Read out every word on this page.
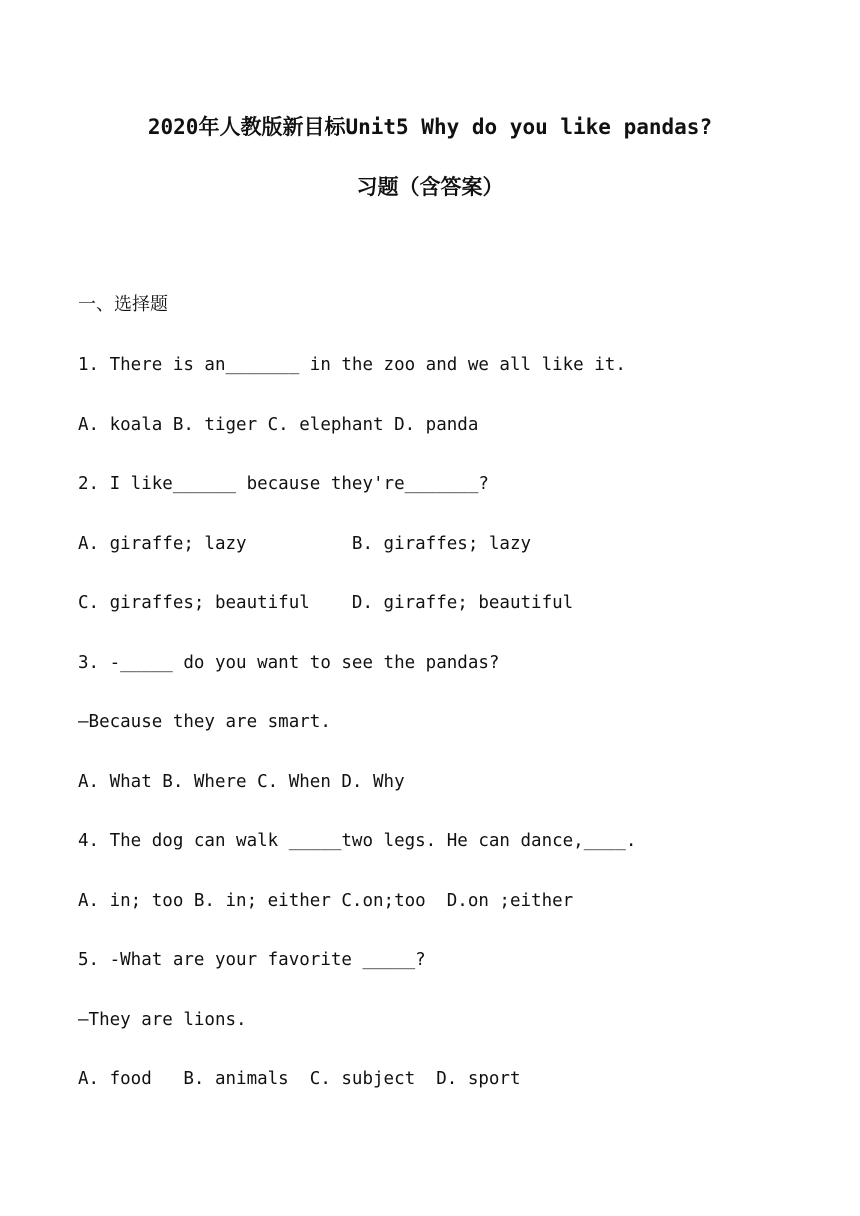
2020年人教版新目标Unit5 Why do you like pandas?
习题（含答案）
一、选择题
1. There is an_______ in the zoo and we all like it.
A. koala B. tiger C. elephant D. panda
2. I like______ because they're_______?
A. giraffe; lazy          B. giraffes; lazy
C. giraffes; beautiful    D. giraffe; beautiful
3. -_____ do you want to see the pandas?
—Because they are smart.
A. What B. Where C. When D. Why
4. The dog can walk _____two legs. He can dance,____.
A. in; too B. in; either C.on;too  D.on ;either
5. -What are your favorite _____?
—They are lions.
A. food   B. animals  C. subject  D. sport
